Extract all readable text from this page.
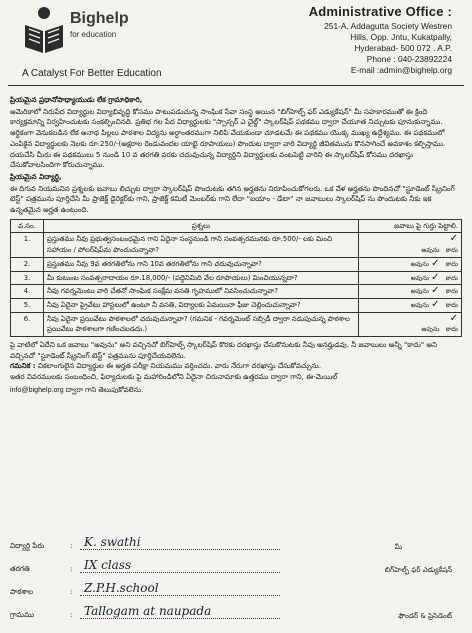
Bighelp
for education
A Catalyst For Better Education
Administrative Office :
251-A, Addagutta Society Westren
Hills, Opp. Jntu, Kukatpally,
Hyderabad- 500 072 . A.P.
Phone : 040-23892224
E-mail :admin@bighelp.org

ప్రియమైన ప్రధానోపాధ్యాయుడు లేక గ్రామాధికారి,

అమెరికాలో నిరుపేద విద్యార్థుల విద్యాభివృద్ధి కోసము పాటుపడుచున్న సాంఘిక సేవా సంస్థ అయిన "బిగ్‌హెల్ప్ ఫర్ ఎడ్యుకేషన్" మీ సహకారముతో ఈ క్రింది కార్యక్రమాన్ని నిర్వహించుటకు సంకల్పించినది. ప్రతిభ గల పేద విద్యార్థులకు "స్పాన్సర్ ఎ చైల్డ్" స్కాలర్‌షిప్ పథకము ద్వారా చేయూత నిచ్చుటకు పూనుకున్నాము. ఆర్థికంగా వెనుకబడిన లేక అనాథ పిల్లలు పాఠశాల విద్యను అర్ధాంతరముగా నిలిపి వేయకుండా చూడటమే ఈ పథకము యొక్క ముఖ్య ఉద్దేశ్యము. ఈ పథకములో ఎంపికైన విద్యార్థులకు నెలకు రూ.250/-(అక్షరాల రెండువందల యాభై రూపాయలు) పొందుట ద్వారా వారి విద్యార్థి జీవితమును కొనసాగించే అవకాశం కల్పిస్తాము. దయచేసి మీరు ఈ పథకములు 5 నుండి 10 వ తరగతి వరకు చదువుచున్న విద్యార్థిని విద్యార్థులకు వంటపెట్టి వారిని ఈ స్కాలర్‌షిప్ కోసము దరఖాస్తు చేసుకోవాలసిందిగా కోరుచున్నాము.

ప్రియమైన విద్యార్థి,

ఈ దిగువ నియమనిన ప్రశ్నలకు జవాబు లిచ్చుట ద్వారా స్కాలర్‌షిప్ పొందుటకు తగిన అర్హతను నిరూపించుకోగలరు. ఒక వేళ అర్హతను పొందినచో "స్టూడెంట్ స్క్రీనింగ్ టెస్ట్" పత్రమును పూర్తిచేసి మీ ప్రాజెక్ట్ డైరెక్టర్‌కు గాని, ప్రాజెక్ట్ కమిటీ మెంబర్‌కు గాని లేదా "ఐయాం - డేటా" నా జవాబులు స్కాలర్‌షిప్ ను పొందుటకు నీకు ఇక ఉన్నతమైన అర్హత ఉంటుంది.

వ.సం.	ప్రశ్నలు	జవాబు పై గుర్తు పెట్టాలి.
1.	ప్రస్తుతము నీవు ప్రభుత్వసంబంధమైన గాని ఏదైనా సంస్థనుండి గాని సంవత్సరమునకు రూ.500/- లకు మించి సహాయం / పోలర్‌షిప్‌ను పొందుచున్నావా?	✓
అవును కాదు
2.	ప్రస్తుతము నీవు 9వ తరగతిలోను గాని 10వ తరగతిలోను గాని చదువుచున్నావా?	అవును ✓ కాదు
3.	మీ కుటుంబ సంవత్సరాదాయం రూ.18,000/- (పద్దెనిమిది వేల రూపాయలు) మించియున్నదా?	అవును ✓ కాదు
4.	నీవు గవర్నమెంటు వారి చేతనో సాంఘిక సంక్షేమ వసతి గృహములో నివసించుచున్నావా?	అవును ✓ కాదు
5.	నీవు ఏదైనా ప్రైవేటు హాస్టలులో ఉంటూ నీ వసతి, విద్యాలకు ఏమయినా ఫీజు చెల్లించుచున్నావా?	అవును ✓ కాదు
6.	నీవు ఏదైనా ప్రయివేటు పాఠశాలలో చదువుచున్నావా? (గమనిక - గవర్నమెంట్ సబ్సిడీ ద్వారా నడుపుచున్న పాఠశాల ప్రయివేటు పాఠశాలగా గణించబడదు.)	✓
అవును కాదు

పై వాటిలో ఏదేని ఒక జవాబు "అవును" అని వచ్చినచో బిగ్‌హెల్ప్ స్కాలర్‌షిప్ కొరకు దరఖాస్తు చేసుకొనుటకు నీవు అనర్హుడవు. నీ జవాబులు అన్నీ "కాదు" అని వచ్చినచో "స్టూడెంట్ స్క్రీనింగ్ టెస్ట్" పత్రమును పూర్తిచేయవలెను.

గమనిక : వికలాంగులైన విద్యార్థుల ఈ అర్హత పరీక్షా నియమము వర్తించదు. వారు నేరుగా దరఖాస్తు చేసుకోవచ్చును.

ఇతర వివరములకు సంబంధించి, ఫిర్యాదులకు పై మహారిండిలోని ఏదైనా చిరునామాకు ఉత్తరము ద్వారా గాని, ఈ-మెయిల్

info@bighelp.org ద్వారా గాని తెలుపుకోవలెను.

విద్యార్థి పేరు	: K. swathi	మీ
తరగతి	: IX class	బిగ్‌హెల్ప్ ఫర్ ఎడ్యుకేషన్
పాఠశాల	: Z.P.H.school
గ్రామము	: Tallogam at naupada	ఫౌండర్ & ప్రెసిడెంట్
